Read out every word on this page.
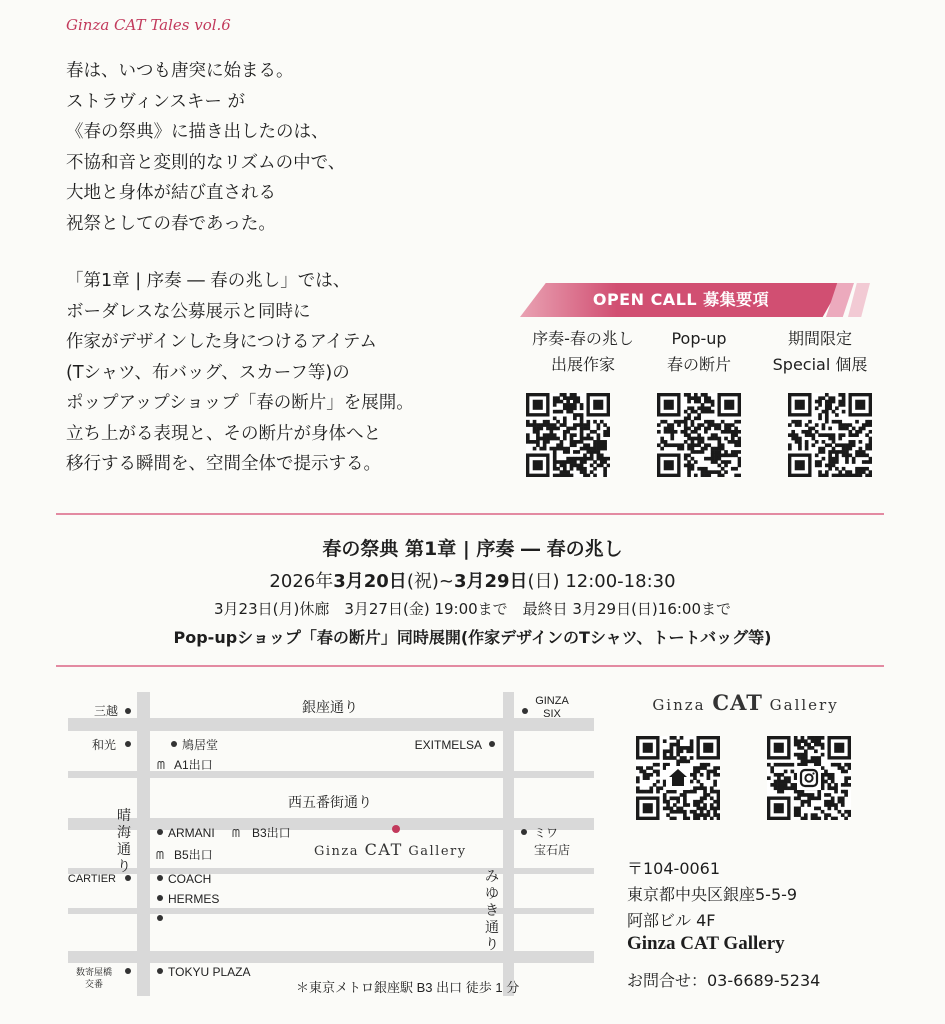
Ginza CAT Tales vol.6
春は、いつも唐突に始まる。
ストラヴィンスキー が
《春の祭典》に描き出したのは、
不協和音と変則的なリズムの中で、
大地と身体が結び直される
祝祭としての春であった。
「第1章 | 序奏 ― 春の兆し」では、
ボーダレスな公募展示と同時に
作家がデザインした身につけるアイテム
(Tシャツ、布バッグ、スカーフ等)の
ポップアップショップ「春の断片」を展開。
立ち上がる表現と、その断片が身体へと
移行する瞬間を、空間全体で提示する。
OPEN CALL 募集要項
序奏-春の兆し
出展作家
Pop-up
春の断片
期間限定
Special 個展
春の祭典 第1章 | 序奏 ― 春の兆し
2026年3月20日(祝)~3月29日(日) 12:00-18:30
3月23日(月)休廊　3月27日(金) 19:00まで　最終日 3月29日(日)16:00まで
Pop-upショップ「春の断片」同時展開(作家デザインのTシャツ、トートバッグ等)
銀座通り
西五番街通り
晴
海
通
り
み
ゆ
き
通
り
三越
GINZA
SIX
和光	鳩居堂
ᗰ A1出口
EXITMELSA
ARMANI ᗰ B3出口
ᗰ B5出口	Ginza CAT Gallery
ミワ
宝石店
CARTIER	COACH
HERMES
数寄屋橋
交番
TOKYU PLAZA
＊東京メトロ銀座駅 B3 出口 徒歩 1 分
Ginza CAT Gallery
〒104-0061
東京都中央区銀座5-5-9
阿部ビル 4F
Ginza CAT Gallery
お問合せ：03-6689-5234
